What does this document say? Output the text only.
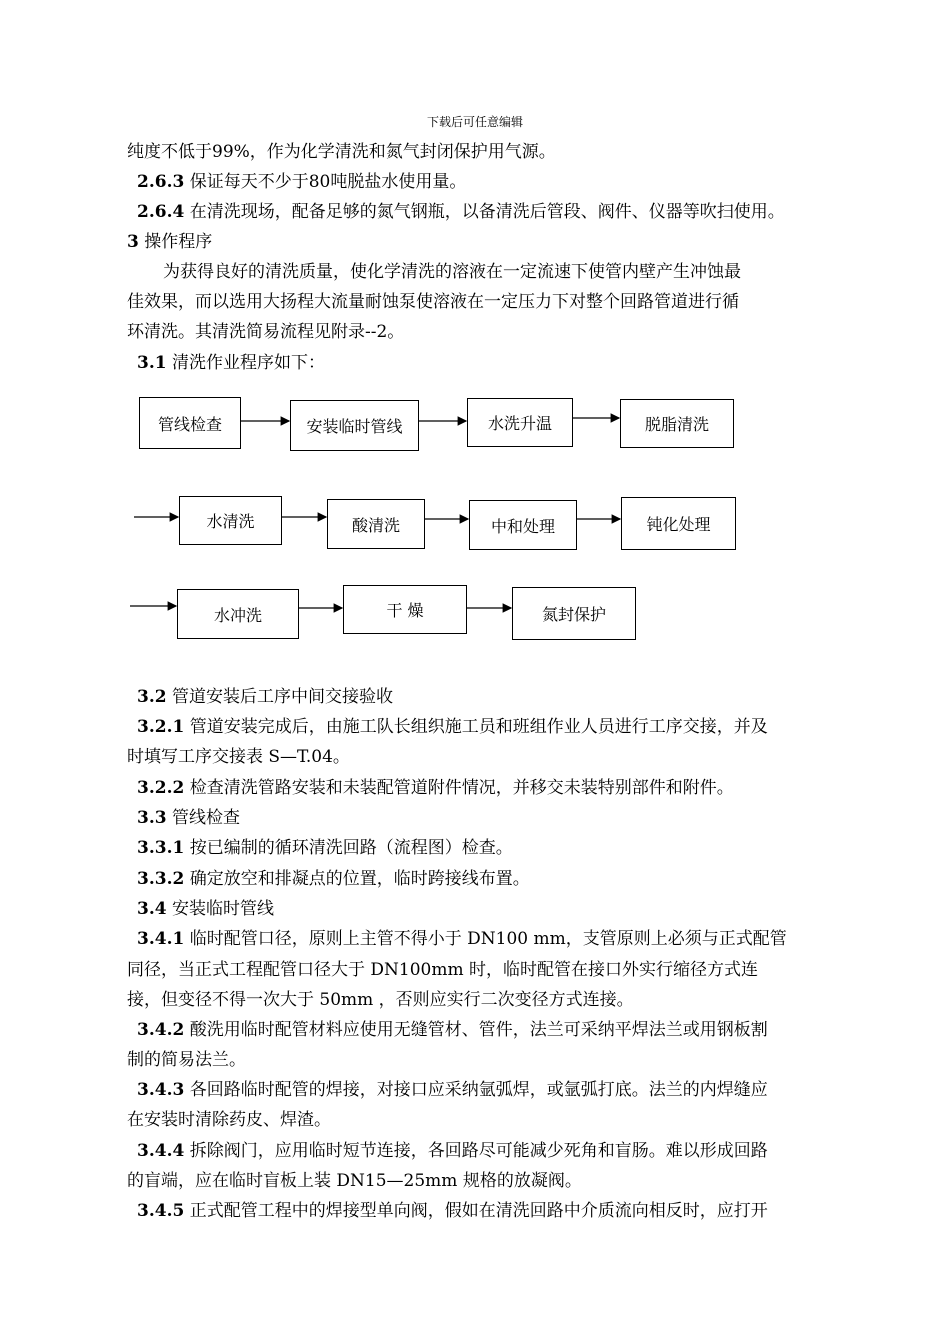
下载后可任意编辑
纯度不低于99%，作为化学清洗和氮气封闭保护用气源。
2.6.3 保证每天不少于80吨脱盐水使用量。
2.6.4 在清洗现场，配备足够的氮气钢瓶，以备清洗后管段、阀件、仪器等吹扫使用。
3 操作程序
为获得良好的清洗质量，使化学清洗的溶液在一定流速下使管内壁产生冲蚀最
佳效果，而以选用大扬程大流量耐蚀泵使溶液在一定压力下对整个回路管道进行循
环清洗。其清洗简易流程见附录--2。
3.1 清洗作业程序如下：
管线检查	安装临时管线	水洗升温	脱脂清洗
水清洗	酸清洗	中和处理	钝化处理
水冲洗	干 燥	氮封保护
3.2 管道安装后工序中间交接验收
3.2.1 管道安装完成后，由施工队长组织施工员和班组作业人员进行工序交接，并及
时填写工序交接表 S—T.04。
3.2.2 检查清洗管路安装和未装配管道附件情况，并移交未装特别部件和附件。
3.3 管线检查
3.3.1 按已编制的循环清洗回路（流程图）检查。
3.3.2 确定放空和排凝点的位置，临时跨接线布置。
3.4 安装临时管线
3.4.1 临时配管口径，原则上主管不得小于 DN100 mm，支管原则上必须与正式配管
同径，当正式工程配管口径大于 DN100mm 时，临时配管在接口外实行缩径方式连
接，但变径不得一次大于 50mm ，否则应实行二次变径方式连接。
3.4.2 酸洗用临时配管材料应使用无缝管材、管件，法兰可采纳平焊法兰或用钢板割
制的简易法兰。
3.4.3 各回路临时配管的焊接，对接口应采纳氩弧焊，或氩弧打底。法兰的内焊缝应
在安装时清除药皮、焊渣。
3.4.4 拆除阀门，应用临时短节连接，各回路尽可能减少死角和盲肠。难以形成回路
的盲端，应在临时盲板上装 DN15—25mm 规格的放凝阀。
3.4.5 正式配管工程中的焊接型单向阀，假如在清洗回路中介质流向相反时，应打开
